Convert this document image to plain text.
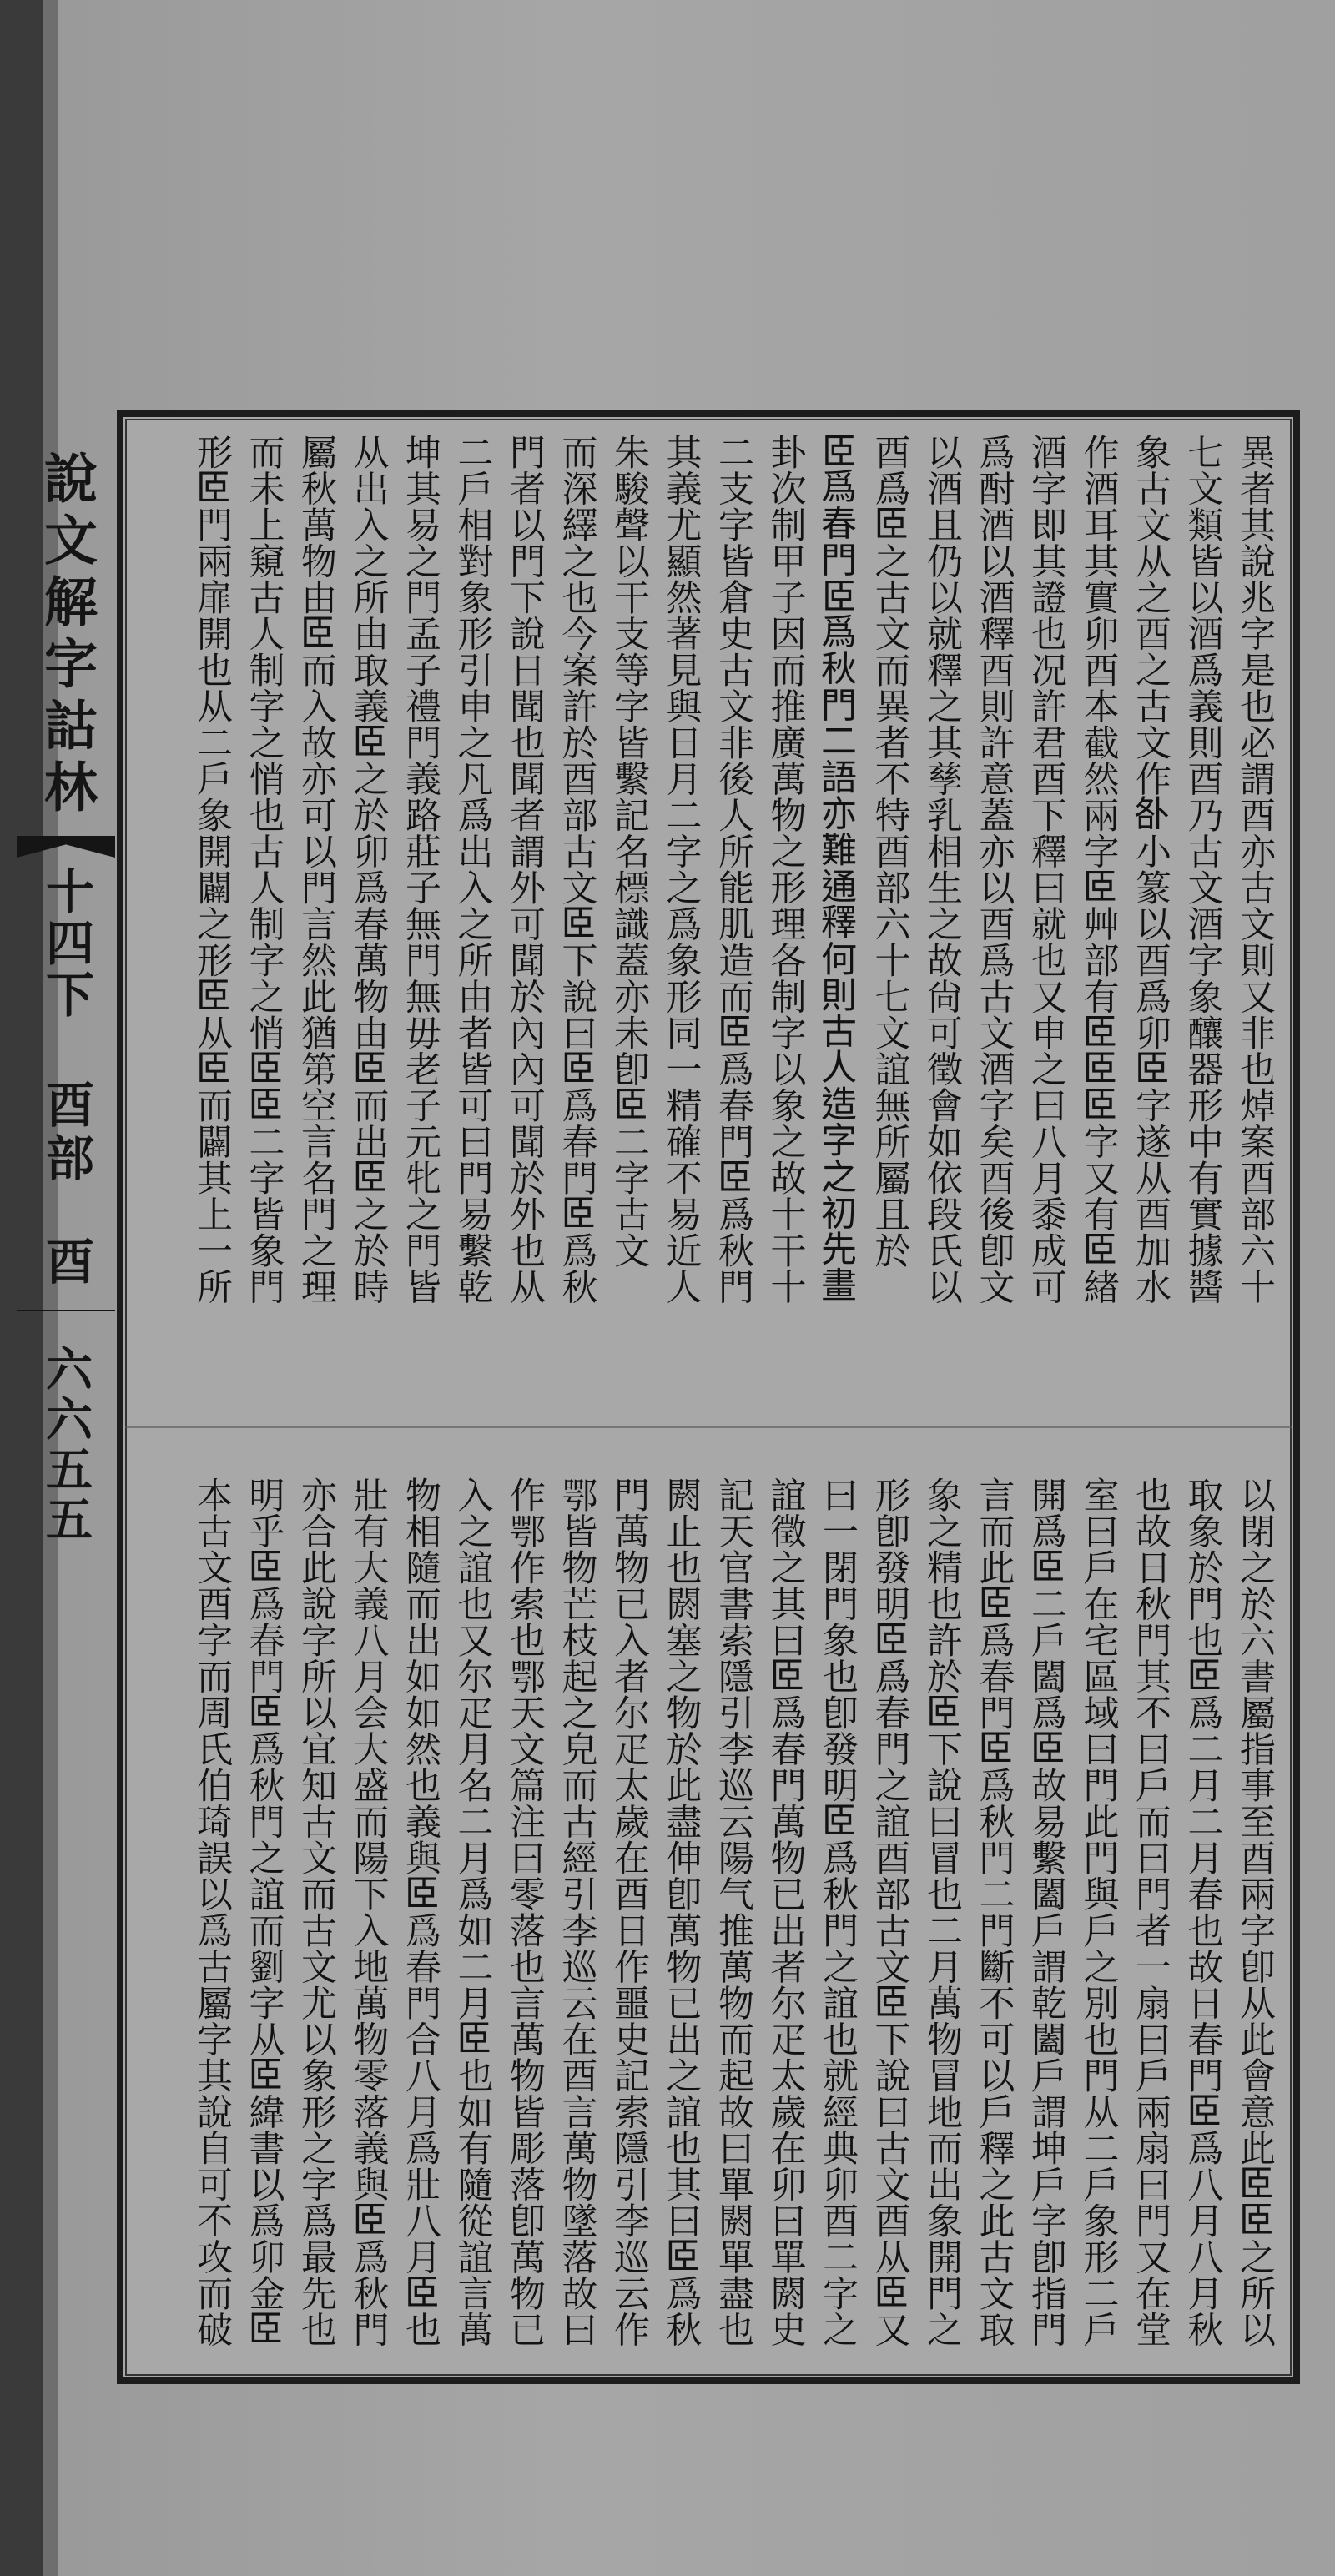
說文解字詁林
十四下
酉部
酉
六六五五
異者其說兆字是也必謂酉亦古文則又非也焯案酉部六十
七文類皆以酒爲義則酉乃古文酒字象釀器形中有實據醬
象古文从之酉之古文作𠧨小篆以酉爲卯𦣞字遂从酉加水
作酒耳其實卯酉本截然兩字𦣞艸部有𦣞𦣞𦣞字又有𦣞緖
酒字即其證也况許君酉下釋曰就也又申之曰八月黍成可
爲酎酒以酒釋酉則許意蓋亦以酉爲古文酒字矣酉後卽文
以酒且仍以就釋之其孳乳相生之故尙可徵會如依段氏以
酉爲𦣞之古文而異者不特酉部六十七文誼無所屬且於
𦣞爲春門𦣞爲秋門二語亦難通釋何則古人造字之初先畫
卦次制甲子因而推廣萬物之形理各制字以象之故十干十
二支字皆倉史古文非後人所能肌造而𦣞爲春門𦣞爲秋門
其義尤顯然著見與日月二字之爲象形同一精確不易近人
朱駿聲以干支等字皆繫記名標識蓋亦未卽𦣞二字古文
而深繹之也今案許於酉部古文𦣞下說曰𦣞爲春門𦣞爲秋
門者以門下說日聞也聞者謂外可聞於內內可聞於外也从
二戶相對象形引申之凡爲出入之所由者皆可曰門易繫乾
坤其易之門孟子禮門義路莊子無門無毋老子元牝之門皆
从出入之所由取義𦣞之於卯爲春萬物由𦣞而出𦣞之於時
屬秋萬物由𦣞而入故亦可以門言然此猶第空言名門之理
而未上窺古人制字之悄也古人制字之悄𦣞𦣞二字皆象門
形𦣞門兩扉開也从二戶象開闢之形𦣞从𦣞而闢其上一所
以閉之於六書屬指事至酉兩字卽从此會意此𦣞𦣞之所以
取象於門也𦣞爲二月二月春也故日春門𦣞爲八月八月秋
也故日秋門其不曰戶而曰門者一扇曰戶兩扇曰門又在堂
室曰戶在宅區域曰門此門與戶之別也門从二戶象形二戶
開爲𦣞二戶闔爲𦣞故易繫闔戶謂乾闔戶謂坤戶字卽指門
言而此𦣞爲春門𦣞爲秋門二門斷不可以戶釋之此古文取
象之精也許於𦣞下說曰冒也二月萬物冒地而出象開門之
形卽發明𦣞爲春門之誼酉部古文𦣞下說曰古文酉从𦣞又
曰一閉門象也卽發明𦣞爲秋門之誼也就經典卯酉二字之
誼徵之其曰𦣞爲春門萬物已出者尔疋太歲在卯曰單閼史
記天官書索隱引李巡云陽气推萬物而起故曰單閼單盡也
閼止也閼塞之物於此盡伸卽萬物已出之誼也其曰𦣞爲秋
門萬物已入者尔疋太歲在酉日作噩史記索隱引李巡云作
鄂皆物芒枝起之皃而古經引李巡云在酉言萬物墜落故曰
作鄂作索也鄂天文篇注曰零落也言萬物皆彫落卽萬物已
入之誼也又尔疋月名二月爲如二月𦣞也如有隨從誼言萬
物相隨而出如如然也義與𦣞爲春門合八月爲壯八月𦣞也
壯有大義八月会大盛而陽下入地萬物零落義與𦣞爲秋門
亦合此說字所以宜知古文而古文尤以象形之字爲最先也
明乎𦣞爲春門𦣞爲秋門之誼而劉字从𦣞緯書以爲卯金𦣞
本古文酉字而周氏伯琦誤以爲古屬字其說自可不攻而破
